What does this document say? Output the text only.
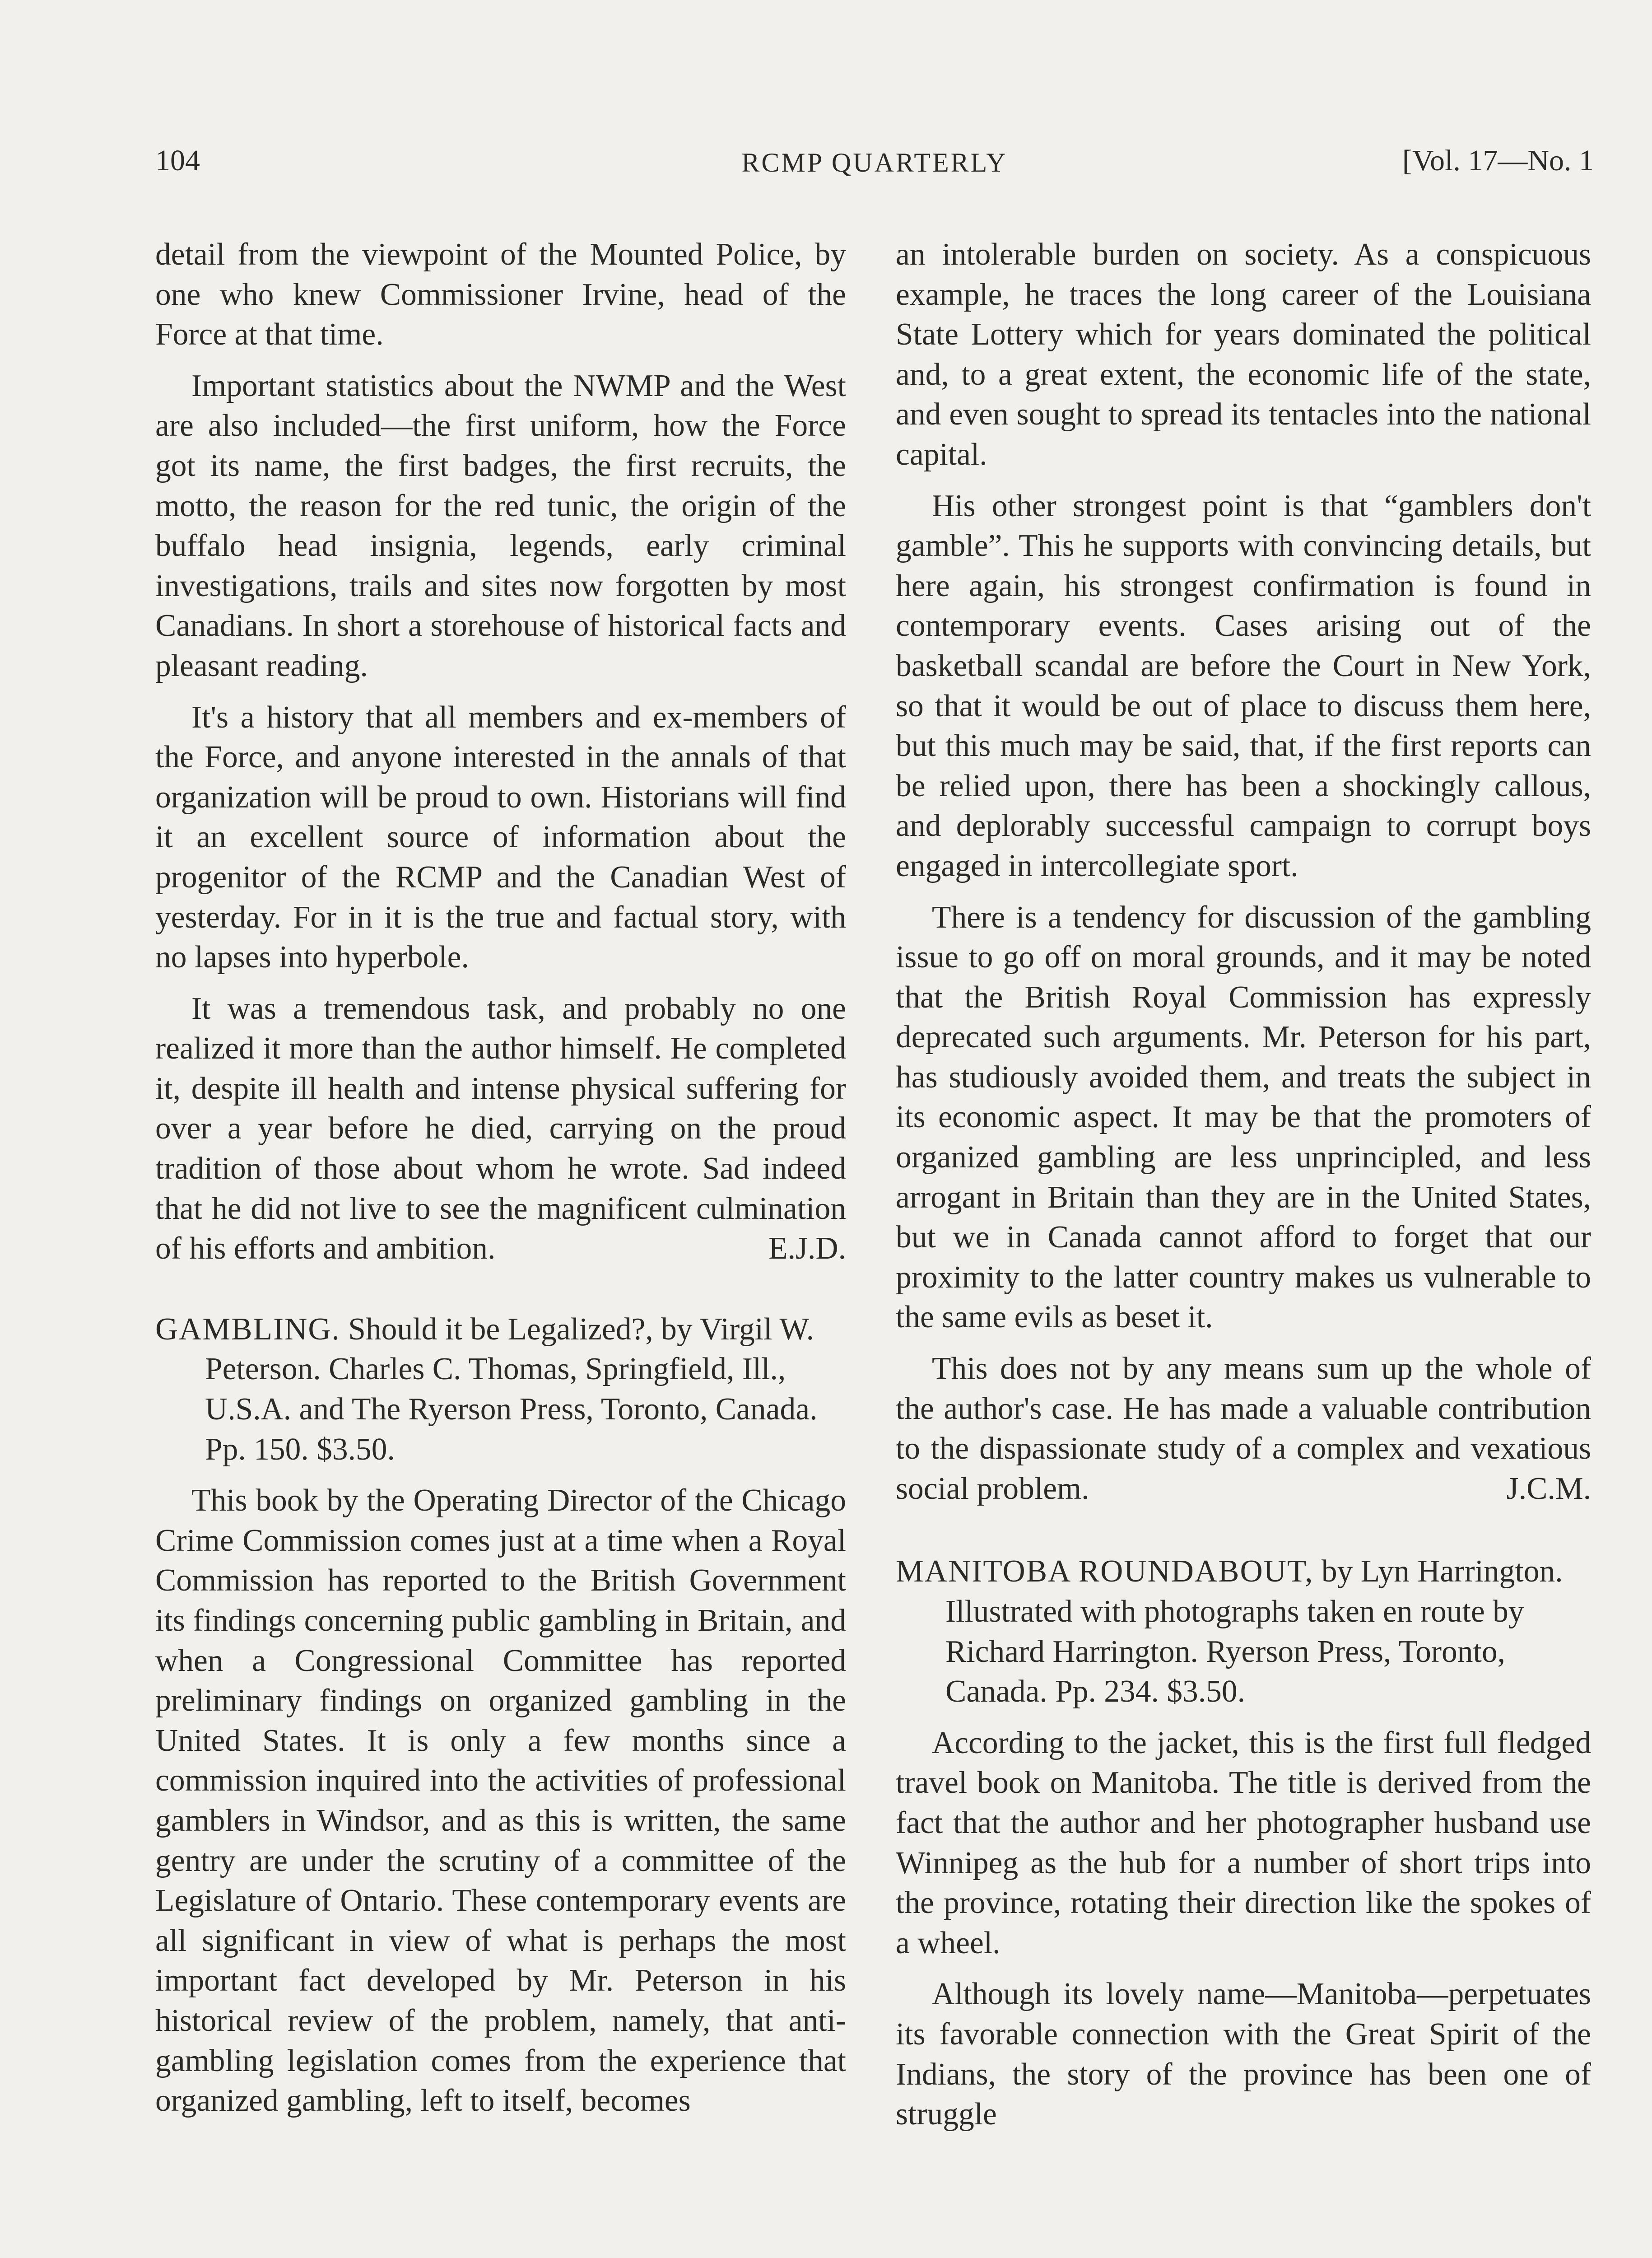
104	RCMP QUARTERLY	[Vol. 17—No. 1

detail from the viewpoint of the Mounted Police, by one who knew Commissioner Irvine, head of the Force at that time.

Important statistics about the NWMP and the West are also included—the first uniform, how the Force got its name, the first badges, the first recruits, the motto, the reason for the red tunic, the origin of the buffalo head insignia, legends, early criminal investigations, trails and sites now forgotten by most Canadians. In short a storehouse of historical facts and pleasant reading.

It's a history that all members and ex-members of the Force, and anyone interested in the annals of that organization will be proud to own. Historians will find it an excellent source of information about the progenitor of the RCMP and the Canadian West of yesterday. For in it is the true and factual story, with no lapses into hyperbole.

It was a tremendous task, and probably no one realized it more than the author himself. He completed it, despite ill health and intense physical suffering for over a year before he died, carrying on the proud tradition of those about whom he wrote. Sad indeed that he did not live to see the magnificent culmination of his efforts and ambition.	E.J.D.

GAMBLING. Should it be Legalized?, by Virgil W. Peterson. Charles C. Thomas, Springfield, Ill., U.S.A. and The Ryerson Press, Toronto, Canada. Pp. 150. $3.50.

This book by the Operating Director of the Chicago Crime Commission comes just at a time when a Royal Commission has reported to the British Government its findings concerning public gambling in Britain, and when a Congressional Committee has reported preliminary findings on organized gambling in the United States. It is only a few months since a commission inquired into the activities of professional gamblers in Windsor, and as this is written, the same gentry are under the scrutiny of a committee of the Legislature of Ontario. These contemporary events are all significant in view of what is perhaps the most important fact developed by Mr. Peterson in his historical review of the problem, namely, that anti-gambling legislation comes from the experience that organized gambling, left to itself, becomes

an intolerable burden on society. As a conspicuous example, he traces the long career of the Louisiana State Lottery which for years dominated the political and, to a great extent, the economic life of the state, and even sought to spread its tentacles into the national capital.

His other strongest point is that “gamblers don't gamble”. This he supports with convincing details, but here again, his strongest confirmation is found in contemporary events. Cases arising out of the basketball scandal are before the Court in New York, so that it would be out of place to discuss them here, but this much may be said, that, if the first reports can be relied upon, there has been a shockingly callous, and deplorably successful campaign to corrupt boys engaged in intercollegiate sport.

There is a tendency for discussion of the gambling issue to go off on moral grounds, and it may be noted that the British Royal Commission has expressly deprecated such arguments. Mr. Peterson for his part, has studiously avoided them, and treats the subject in its economic aspect. It may be that the promoters of organized gambling are less unprincipled, and less arrogant in Britain than they are in the United States, but we in Canada cannot afford to forget that our proximity to the latter country makes us vulnerable to the same evils as beset it.

This does not by any means sum up the whole of the author's case. He has made a valuable contribution to the dispassionate study of a complex and vexatious social problem.	J.C.M.

MANITOBA ROUNDABOUT, by Lyn Harrington. Illustrated with photographs taken en route by Richard Harrington. Ryerson Press, Toronto, Canada. Pp. 234. $3.50.

According to the jacket, this is the first full fledged travel book on Manitoba. The title is derived from the fact that the author and her photographer husband use Winnipeg as the hub for a number of short trips into the province, rotating their direction like the spokes of a wheel.

Although its lovely name—Manitoba—perpetuates its favorable connection with the Great Spirit of the Indians, the story of the province has been one of struggle
